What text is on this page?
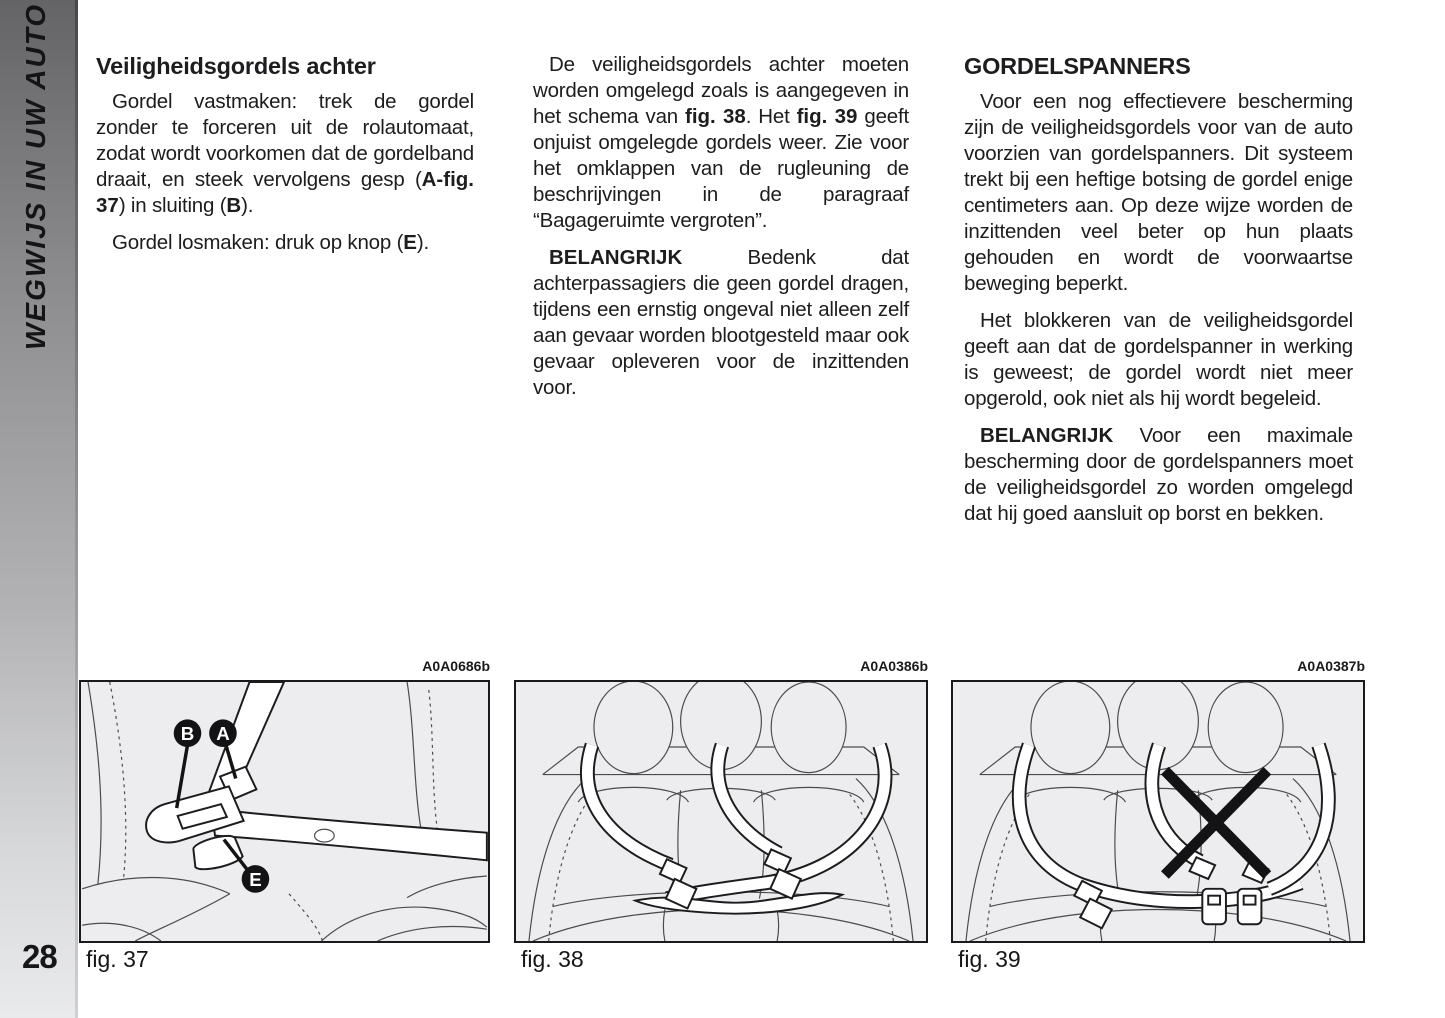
WEGWIJS IN UW AUTO
28
Veiligheidsgordels achter

Gordel vastmaken: trek de gordel zonder te forceren uit de rolautomaat, zodat wordt voorkomen dat de gordelband draait, en steek vervolgens gesp (A-fig. 37) in sluiting (B).

Gordel losmaken: druk op knop (E).

De veiligheidsgordels achter moeten worden omgelegd zoals is aangegeven in het schema van fig. 38. Het fig. 39 geeft onjuist omgelegde gordels weer. Zie voor het omklappen van de rugleuning de beschrijvingen in de paragraaf “Bagageruimte vergroten”.

BELANGRIJK Bedenk dat achterpassagiers die geen gordel dragen, tijdens een ernstig ongeval niet alleen zelf aan gevaar worden blootgesteld maar ook gevaar opleveren voor de inzittenden voor.

GORDELSPANNERS

Voor een nog effectievere bescherming zijn de veiligheidsgordels voor van de auto voorzien van gordelspanners. Dit systeem trekt bij een heftige botsing de gordel enige centimeters aan. Op deze wijze worden de inzittenden veel beter op hun plaats gehouden en wordt de voorwaartse beweging beperkt.

Het blokkeren van de veiligheidsgordel geeft aan dat de gordelspanner in werking is geweest; de gordel wordt niet meer opgerold, ook niet als hij wordt begeleid.

BELANGRIJK Voor een maximale bescherming door de gordelspanners moet de veiligheidsgordel zo worden omgelegd dat hij goed aansluit op borst en bekken.

A0A0686b
B A
E
fig. 37
A0A0386b
fig. 38
A0A0387b
fig. 39
